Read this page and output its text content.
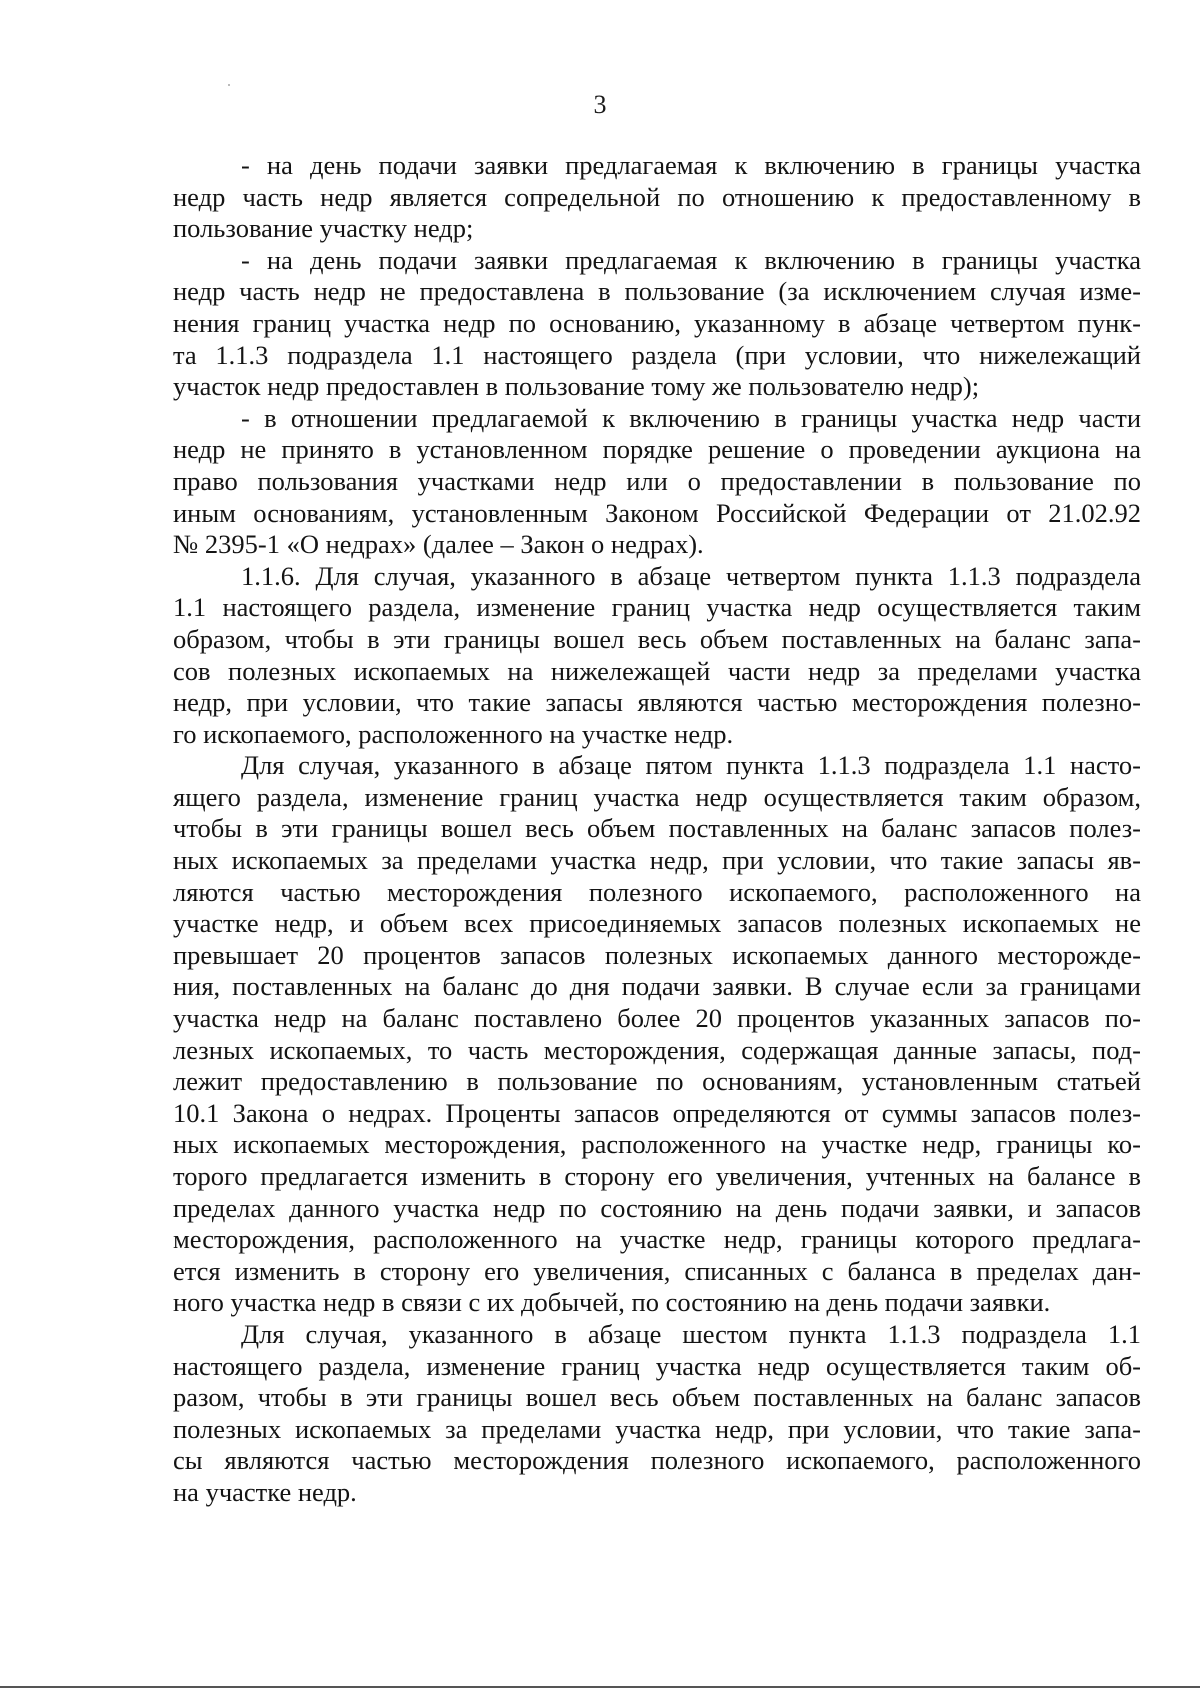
3
- на день подачи заявки предлагаемая к включению в границы участка
недр часть недр является сопредельной по отношению к предоставленному в
пользование участку недр;
- на день подачи заявки предлагаемая к включению в границы участка
недр часть недр не предоставлена в пользование (за исключением случая изме-
нения границ участка недр по основанию, указанному в абзаце четвертом пунк-
та 1.1.3 подраздела 1.1 настоящего раздела (при условии, что нижележащий
участок недр предоставлен в пользование тому же пользователю недр);
- в отношении предлагаемой к включению в границы участка недр части
недр не принято в установленном порядке решение о проведении аукциона на
право пользования участками недр или о предоставлении в пользование по
иным основаниям, установленным Законом Российской Федерации от 21.02.92
№ 2395-1 «О недрах» (далее – Закон о недрах).
1.1.6. Для случая, указанного в абзаце четвертом пункта 1.1.3 подраздела
1.1 настоящего раздела, изменение границ участка недр осуществляется таким
образом, чтобы в эти границы вошел весь объем поставленных на баланс запа-
сов полезных ископаемых на нижележащей части недр за пределами участка
недр, при условии, что такие запасы являются частью месторождения полезно-
го ископаемого, расположенного на участке недр.
Для случая, указанного в абзаце пятом пункта 1.1.3 подраздела 1.1 насто-
ящего раздела, изменение границ участка недр осуществляется таким образом,
чтобы в эти границы вошел весь объем поставленных на баланс запасов полез-
ных ископаемых за пределами участка недр, при условии, что такие запасы яв-
ляются частью месторождения полезного ископаемого, расположенного на
участке недр, и объем всех присоединяемых запасов полезных ископаемых не
превышает 20 процентов запасов полезных ископаемых данного месторожде-
ния, поставленных на баланс до дня подачи заявки. В случае если за границами
участка недр на баланс поставлено более 20 процентов указанных запасов по-
лезных ископаемых, то часть месторождения, содержащая данные запасы, под-
лежит предоставлению в пользование по основаниям, установленным статьей
10.1 Закона о недрах. Проценты запасов определяются от суммы запасов полез-
ных ископаемых месторождения, расположенного на участке недр, границы ко-
торого предлагается изменить в сторону его увеличения, учтенных на балансе в
пределах данного участка недр по состоянию на день подачи заявки, и запасов
месторождения, расположенного на участке недр, границы которого предлага-
ется изменить в сторону его увеличения, списанных с баланса в пределах дан-
ного участка недр в связи с их добычей, по состоянию на день подачи заявки.
Для случая, указанного в абзаце шестом пункта 1.1.3 подраздела 1.1
настоящего раздела, изменение границ участка недр осуществляется таким об-
разом, чтобы в эти границы вошел весь объем поставленных на баланс запасов
полезных ископаемых за пределами участка недр, при условии, что такие запа-
сы являются частью месторождения полезного ископаемого, расположенного
на участке недр.
